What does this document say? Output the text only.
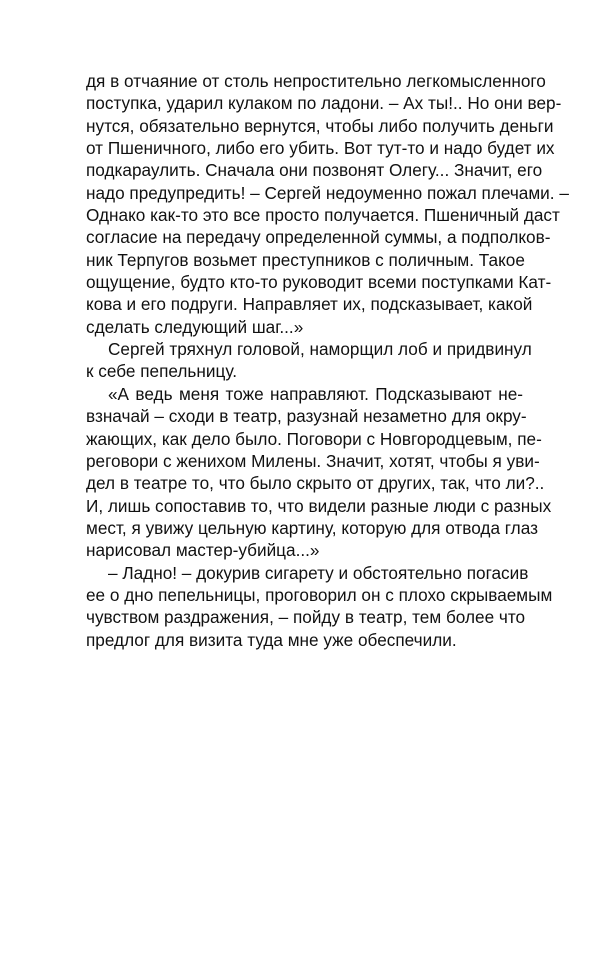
дя в отчаяние от столь непростительно легкомысленного
поступка, ударил кулаком по ладони. – Ах ты!.. Но они вер-
нутся, обязательно вернутся, чтобы либо получить деньги
от Пшеничного, либо его убить. Вот тут-то и надо будет их
подкараулить. Сначала они позвонят Олегу... Значит, его
надо предупредить! – Сергей недоуменно пожал плечами. –
Однако как-то это все просто получается. Пшеничный даст
согласие на передачу определенной суммы, а подполков-
ник Терпугов возьмет преступников с поличным. Такое
ощущение, будто кто-то руководит всеми поступками Кат-
кова и его подруги. Направляет их, подсказывает, какой
сделать следующий шаг...»
Сергей тряхнул головой, наморщил лоб и придвинул
к себе пепельницу.
«А ведь меня тоже направляют. Подсказывают не-
взначай – сходи в театр, разузнай незаметно для окру-
жающих, как дело было. Поговори с Новгородцевым, пе-
реговори с женихом Милены. Значит, хотят, чтобы я уви-
дел в театре то, что было скрыто от других, так, что ли?..
И, лишь сопоставив то, что видели разные люди с разных
мест, я увижу цельную картину, которую для отвода глаз
нарисовал мастер-убийца...»
– Ладно! – докурив сигарету и обстоятельно погасив
ее о дно пепельницы, проговорил он с плохо скрываемым
чувством раздражения, – пойду в театр, тем более что
предлог для визита туда мне уже обеспечили.
